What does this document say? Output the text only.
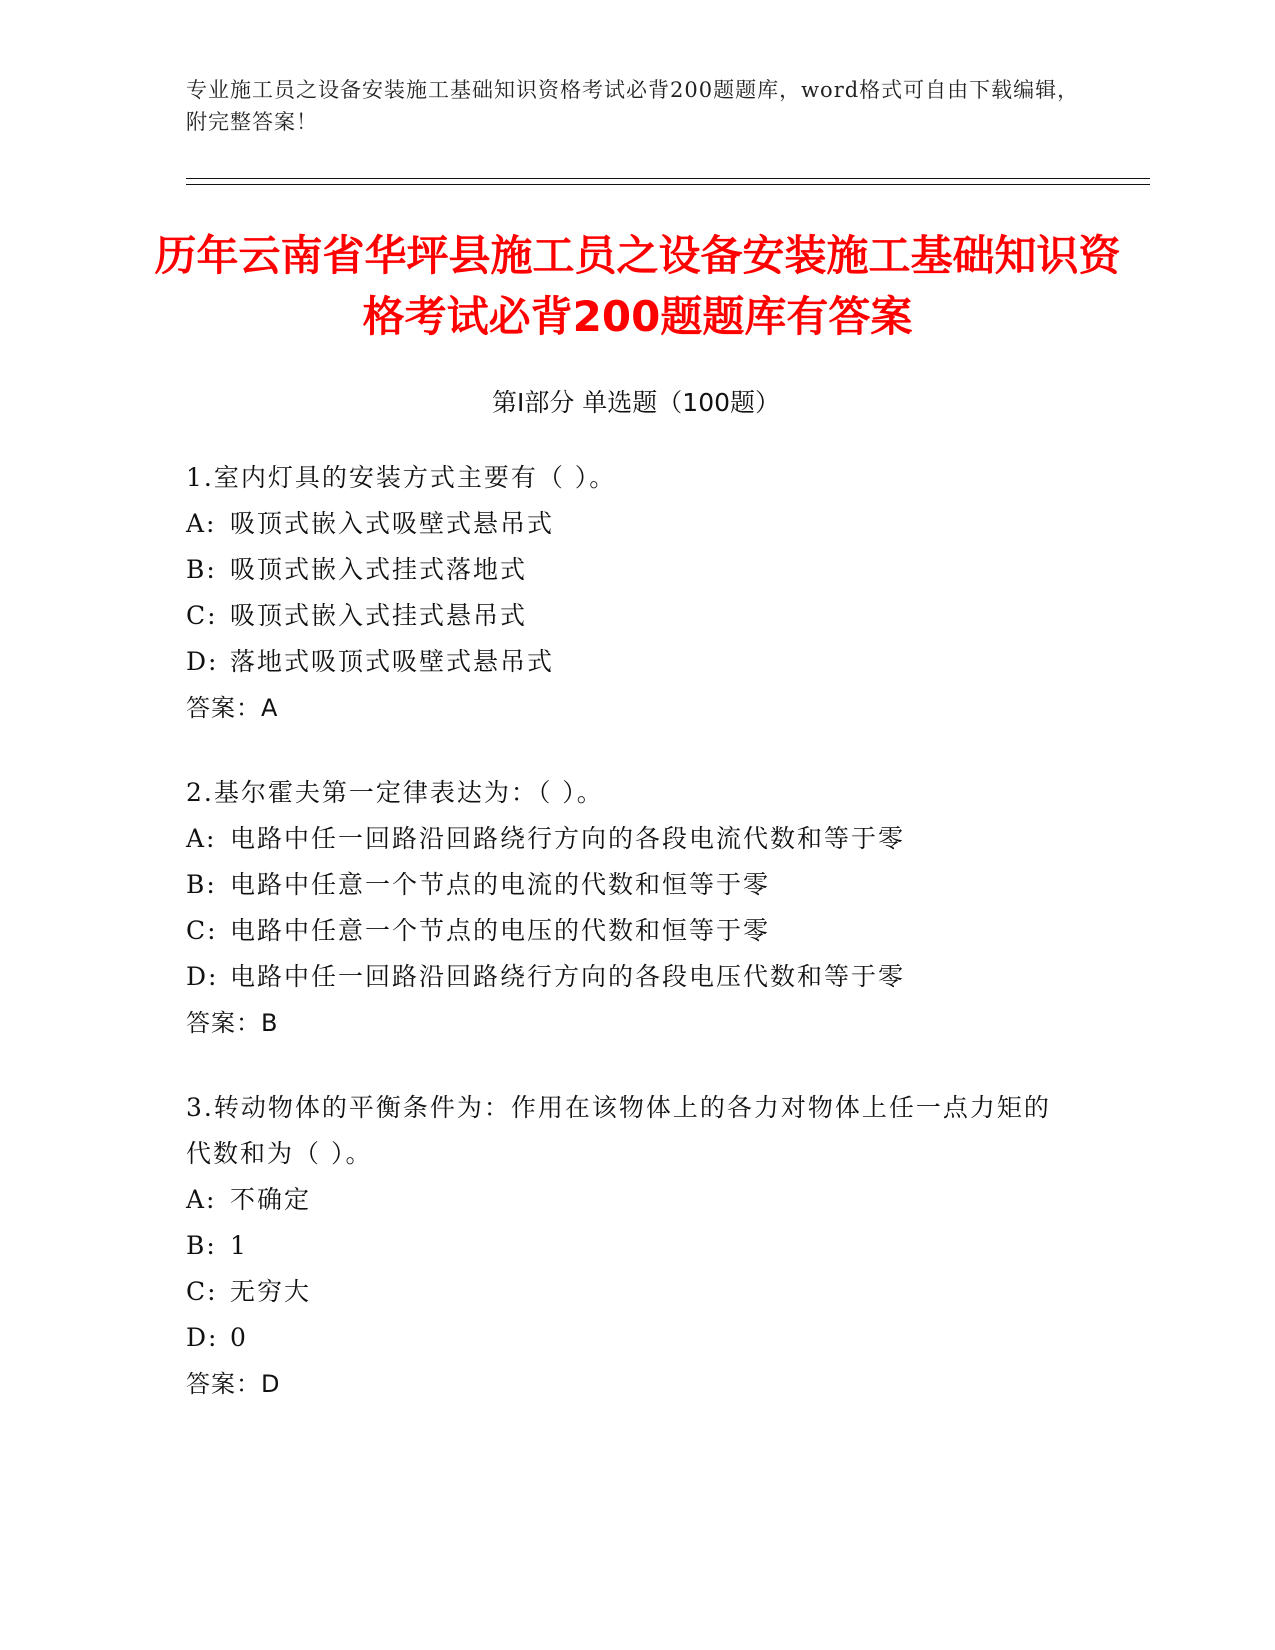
专业施工员之设备安装施工基础知识资格考试必背200题题库，word格式可自由下载编辑，附完整答案！
历年云南省华坪县施工员之设备安装施工基础知识资格考试必背200题题库有答案
第I部分 单选题（100题）
1.室内灯具的安装方式主要有（ ）。
A: 吸顶式嵌入式吸壁式悬吊式
B: 吸顶式嵌入式挂式落地式
C: 吸顶式嵌入式挂式悬吊式
D: 落地式吸顶式吸壁式悬吊式
答案：A
2.基尔霍夫第一定律表达为：（ ）。
A: 电路中任一回路沿回路绕行方向的各段电流代数和等于零
B: 电路中任意一个节点的电流的代数和恒等于零
C: 电路中任意一个节点的电压的代数和恒等于零
D: 电路中任一回路沿回路绕行方向的各段电压代数和等于零
答案：B
3.转动物体的平衡条件为：作用在该物体上的各力对物体上任一点力矩的代数和为（ ）。
A: 不确定
B: 1
C: 无穷大
D: 0
答案：D
